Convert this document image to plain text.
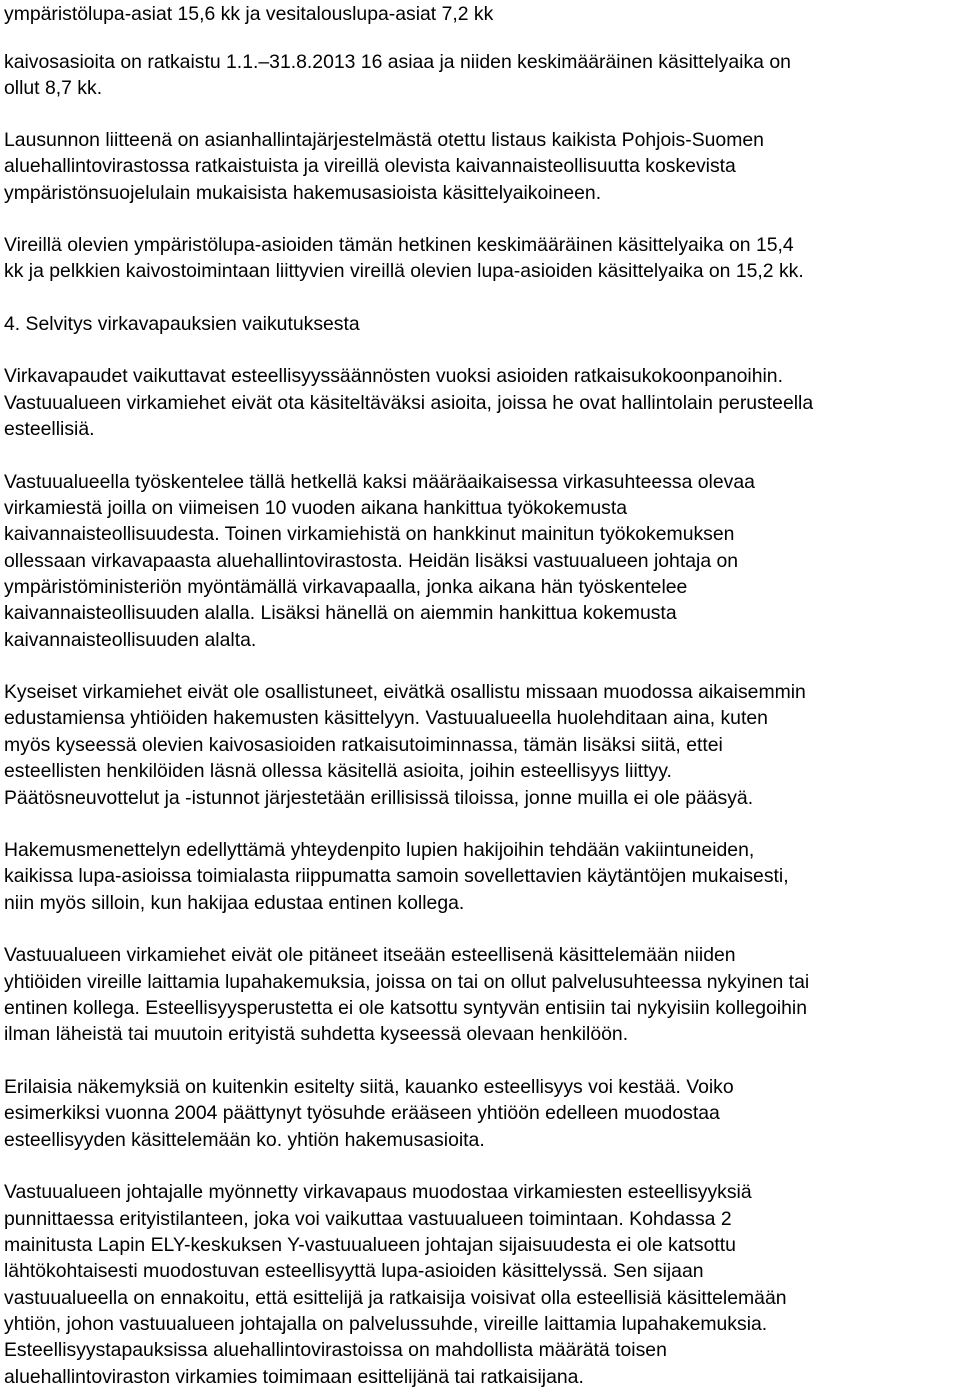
ympäristölupa-asiat 15,6 kk ja vesitalouslupa-asiat 7,2 kk
kaivosasioita on ratkaistu 1.1.–31.8.2013 16 asiaa ja niiden keskimääräinen käsittelyaika on
ollut 8,7 kk.
Lausunnon liitteenä on asianhallintajärjestelmästä otettu listaus kaikista Pohjois-Suomen
aluehallintovirastossa ratkaistuista ja vireillä olevista kaivannaisteollisuutta koskevista
ympäristönsuojelulain mukaisista hakemusasioista käsittelyaikoineen.
Vireillä olevien ympäristölupa-asioiden tämän hetkinen keskimääräinen käsittelyaika on 15,4
kk ja pelkkien kaivostoimintaan liittyvien vireillä olevien lupa-asioiden käsittelyaika on 15,2 kk.
4. Selvitys virkavapauksien vaikutuksesta
Virkavapaudet vaikuttavat esteellisyyssäännösten vuoksi asioiden ratkaisukokoonpanoihin.
Vastuualueen virkamiehet eivät ota käsiteltäväksi asioita, joissa he ovat hallintolain perusteella
esteellisiä.
Vastuualueella työskentelee tällä hetkellä kaksi määräaikaisessa virkasuhteessa olevaa
virkamiestä joilla on viimeisen 10 vuoden aikana hankittua työkokemusta
kaivannaisteollisuudesta. Toinen virkamiehistä on hankkinut mainitun työkokemuksen
ollessaan virkavapaasta aluehallintovirastosta. Heidän lisäksi vastuualueen johtaja on
ympäristöministeriön myöntämällä virkavapaalla, jonka aikana hän työskentelee
kaivannaisteollisuuden alalla. Lisäksi hänellä on aiemmin hankittua kokemusta
kaivannaisteollisuuden alalta.
Kyseiset virkamiehet eivät ole osallistuneet, eivätkä osallistu missaan muodossa aikaisemmin
edustamiensa yhtiöiden hakemusten käsittelyyn. Vastuualueella huolehditaan aina, kuten
myös kyseessä olevien kaivosasioiden ratkaisutoiminnassa, tämän lisäksi siitä, ettei
esteellisten henkilöiden läsnä ollessa käsitellä asioita, joihin esteellisyys liittyy.
Päätösneuvottelut ja -istunnot järjestetään erillisissä tiloissa, jonne muilla ei ole pääsyä.
Hakemusmenettelyn edellyttämä yhteydenpito lupien hakijoihin tehdään vakiintuneiden,
kaikissa lupa-asioissa toimialasta riippumatta samoin sovellettavien käytäntöjen mukaisesti,
niin myös silloin, kun hakijaa edustaa entinen kollega.
Vastuualueen virkamiehet eivät ole pitäneet itseään esteellisenä käsittelemään niiden
yhtiöiden vireille laittamia lupahakemuksia, joissa on tai on ollut palvelusuhteessa nykyinen tai
entinen kollega. Esteellisyysperustetta ei ole katsottu syntyvän entisiin tai nykyisiin kollegoihin
ilman läheistä tai muutoin erityistä suhdetta kyseessä olevaan henkilöön.
Erilaisia näkemyksiä on kuitenkin esitelty siitä, kauanko esteellisyys voi kestää. Voiko
esimerkiksi vuonna 2004 päättynyt työsuhde erääseen yhtiöön edelleen muodostaa
esteellisyyden käsittelemään ko. yhtiön hakemusasioita.
Vastuualueen johtajalle myönnetty virkavapaus muodostaa virkamiesten esteellisyyksiä
punnittaessa erityistilanteen, joka voi vaikuttaa vastuualueen toimintaan. Kohdassa 2
mainitusta Lapin ELY-keskuksen Y-vastuualueen johtajan sijaisuudesta ei ole katsottu
lähtökohtaisesti muodostuvan esteellisyyttä lupa-asioiden käsittelyssä. Sen sijaan
vastuualueella on ennakoitu, että esittelijä ja ratkaisija voisivat olla esteellisiä käsittelemään
yhtiön, johon vastuualueen johtajalla on palvelussuhde, vireille laittamia lupahakemuksia.
Esteellisyystapauksissa aluehallintovirastoissa on mahdollista määrätä toisen
aluehallintoviraston virkamies toimimaan esittelijänä tai ratkaisijana.
